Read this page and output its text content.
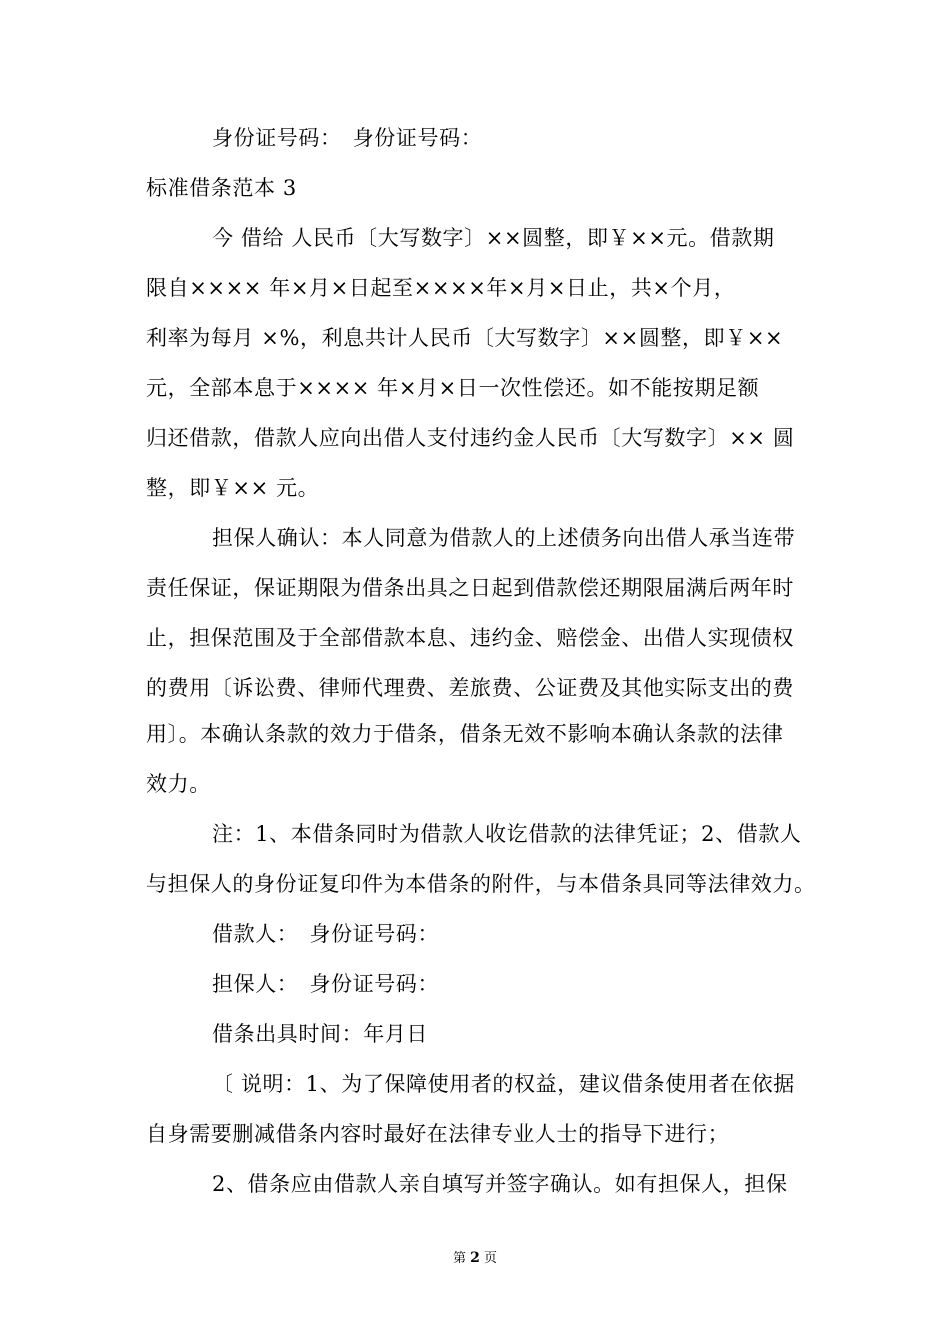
身份证号码：　身份证号码：
标准借条范本 3
今 借给 人民币〔大写数字〕××圆整，即￥××元。借款期
限自×××× 年×月×日起至××××年×月×日止，共×个月，
利率为每月 ×%，利息共计人民币〔大写数字〕××圆整，即￥××
元，全部本息于×××× 年×月×日一次性偿还。如不能按期足额
归还借款，借款人应向出借人支付违约金人民币〔大写数字〕×× 圆
整，即￥×× 元。
担保人确认：本人同意为借款人的上述债务向出借人承当连带
责任保证，保证期限为借条出具之日起到借款偿还期限届满后两年时
止，担保范围及于全部借款本息、违约金、赔偿金、出借人实现债权
的费用〔诉讼费、律师代理费、差旅费、公证费及其他实际支出的费
用〕。本确认条款的效力于借条，借条无效不影响本确认条款的法律
效力。
注：1、本借条同时为借款人收讫借款的法律凭证；2、借款人
与担保人的身份证复印件为本借条的附件，与本借条具同等法律效力。
借款人：　身份证号码：
担保人：　身份证号码：
借条出具时间：年月日
〔 说明：1、为了保障使用者的权益，建议借条使用者在依据
自身需要删减借条内容时最好在法律专业人士的指导下进行；
2、借条应由借款人亲自填写并签字确认。如有担保人，担保
第 2 页
